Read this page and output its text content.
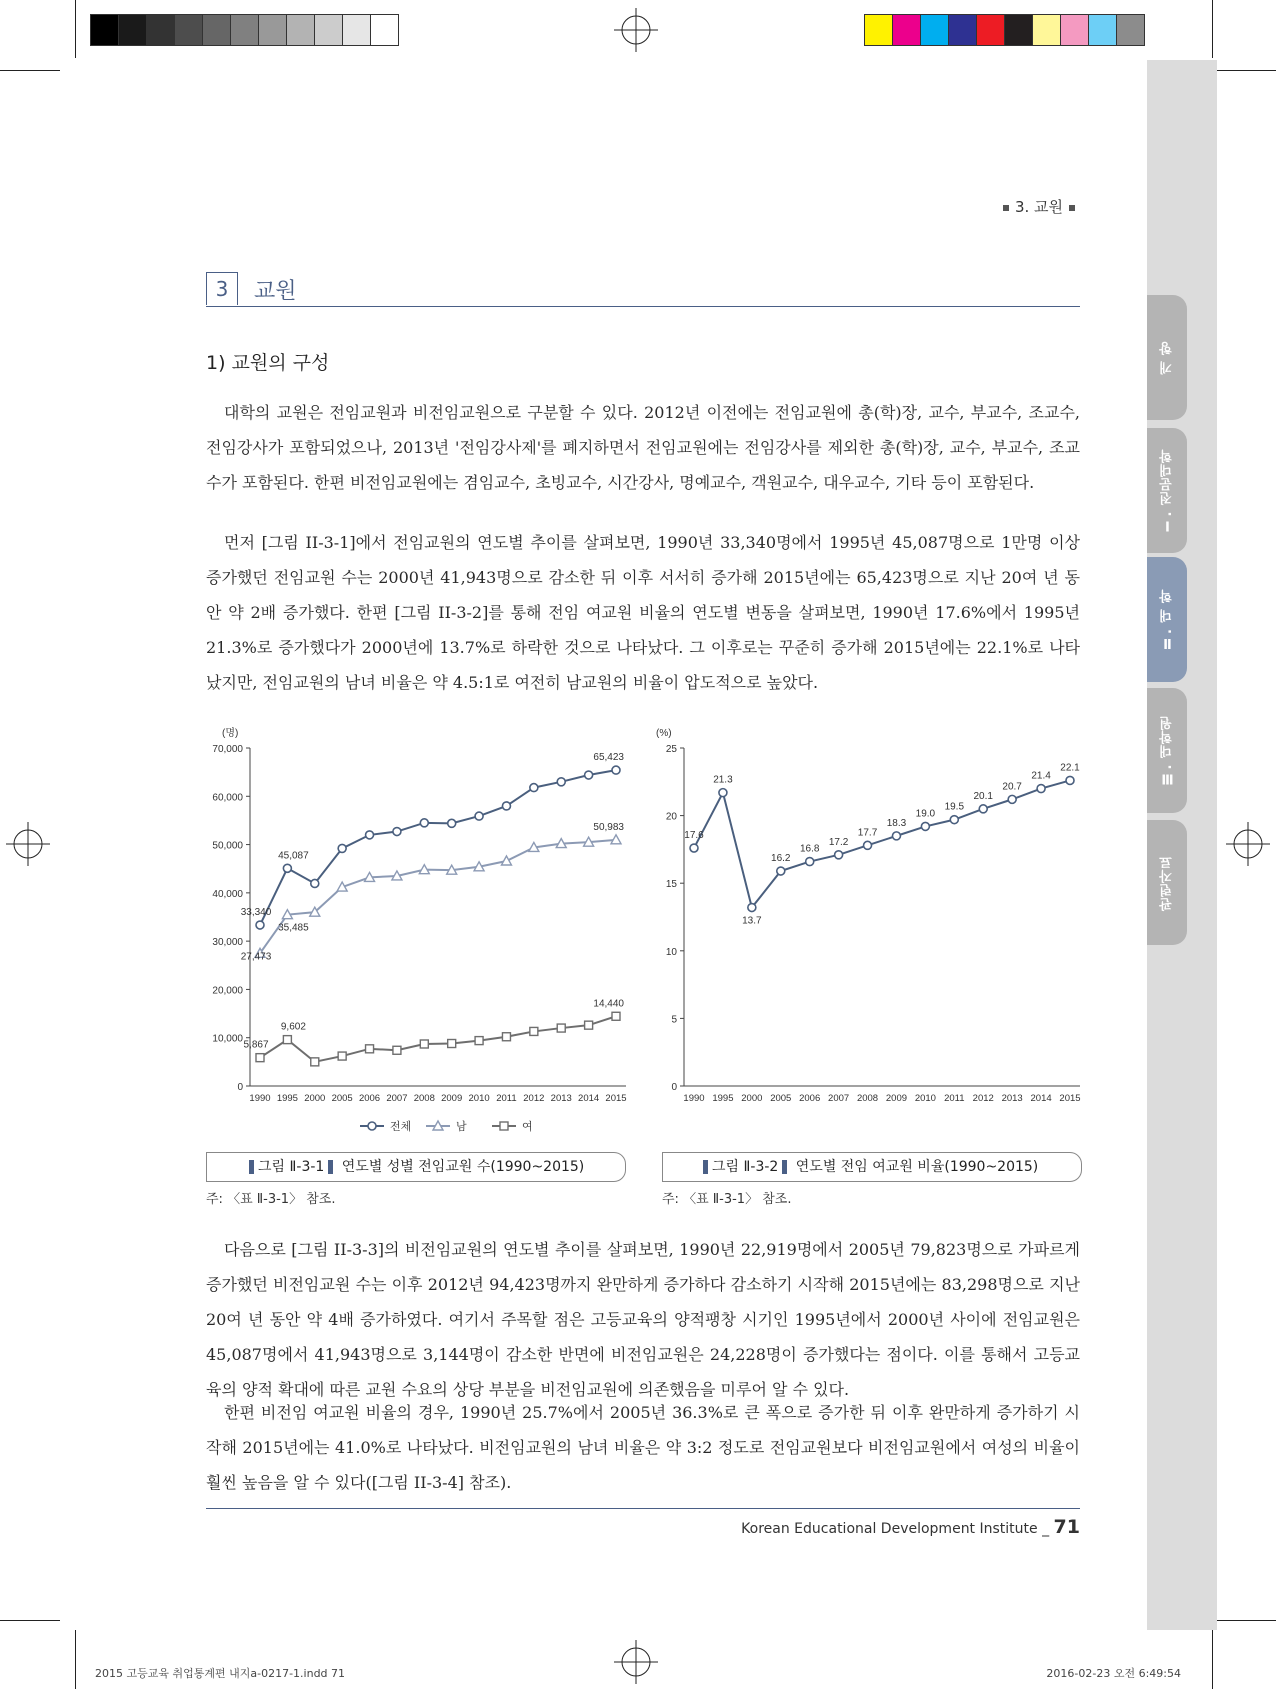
개 항
Ⅰ. 전문대학
Ⅱ. 대 학
Ⅲ. 대학원
관련자료
3. 교원
3	교원
1) 교원의 구성

대학의 교원은 전임교원과 비전임교원으로 구분할 수 있다. 2012년 이전에는 전임교원에 총(학)장, 교수, 부교수, 조교수, 전임강사가 포함되었으나, 2013년 '전임강사제'를 폐지하면서 전임교원에는 전임강사를 제외한 총(학)장, 교수, 부교수, 조교수가 포함된다. 한편 비전임교원에는 겸임교수, 초빙교수, 시간강사, 명예교수, 객원교수, 대우교수, 기타 등이 포함된다.

먼저 [그림 II-3-1]에서 전임교원의 연도별 추이를 살펴보면, 1990년 33,340명에서 1995년 45,087명으로 1만명 이상 증가했던 전임교원 수는 2000년 41,943명으로 감소한 뒤 이후 서서히 증가해 2015년에는 65,423명으로 지난 20여 년 동안 약 2배 증가했다. 한편 [그림 II-3-2]를 통해 전임 여교원 비율의 연도별 변동을 살펴보면, 1990년 17.6%에서 1995년 21.3%로 증가했다가 2000년에 13.7%로 하락한 것으로 나타났다. 그 이후로는 꾸준히 증가해 2015년에는 22.1%로 나타났지만, 전임교원의 남녀 비율은 약 4.5:1로 여전히 남교원의 비율이 압도적으로 높았다.

(명)
0
10,000
20,000
30,000
40,000
50,000
60,000
70,000
1990 1995 2000 2005 2006 2007 2008 2009 2010 2011 2012 2013 2014 2015
33,340
45,087
65,423
27,473
35,485
50,983
5,867
9,602
14,440
전체	남	여
(%)
0
5
10
15
20
25
1990 1995 2000 2005 2006 2007 2008 2009 2010 2011 2012 2013 2014 2015
17.6
21.3
13.7
16.2
16.8
17.2
17.7
18.3
19.0
19.5
20.1
20.7
21.4
22.1
그림 Ⅱ-3-1 연도별 성별 전임교원 수(1990~2015)
주: 〈표 Ⅱ-3-1〉 참조.
그림 Ⅱ-3-2 연도별 전임 여교원 비율(1990~2015)
주: 〈표 Ⅱ-3-1〉 참조.

다음으로 [그림 II-3-3]의 비전임교원의 연도별 추이를 살펴보면, 1990년 22,919명에서 2005년 79,823명으로 가파르게 증가했던 비전임교원 수는 이후 2012년 94,423명까지 완만하게 증가하다 감소하기 시작해 2015년에는 83,298명으로 지난 20여 년 동안 약 4배 증가하였다. 여기서 주목할 점은 고등교육의 양적팽창 시기인 1995년에서 2000년 사이에 전임교원은 45,087명에서 41,943명으로 3,144명이 감소한 반면에 비전임교원은 24,228명이 증가했다는 점이다. 이를 통해서 고등교육의 양적 확대에 따른 교원 수요의 상당 부분을 비전임교원에 의존했음을 미루어 알 수 있다.

한편 비전임 여교원 비율의 경우, 1990년 25.7%에서 2005년 36.3%로 큰 폭으로 증가한 뒤 이후 완만하게 증가하기 시작해 2015년에는 41.0%로 나타났다. 비전임교원의 남녀 비율은 약 3:2 정도로 전임교원보다 비전임교원에서 여성의 비율이 훨씬 높음을 알 수 있다([그림 II-3-4] 참조).

Korean Educational Development Institute _ 71
2015 고등교육 취업통계편 내지a-0217-1.indd 71	2016-02-23 오전 6:49:54
